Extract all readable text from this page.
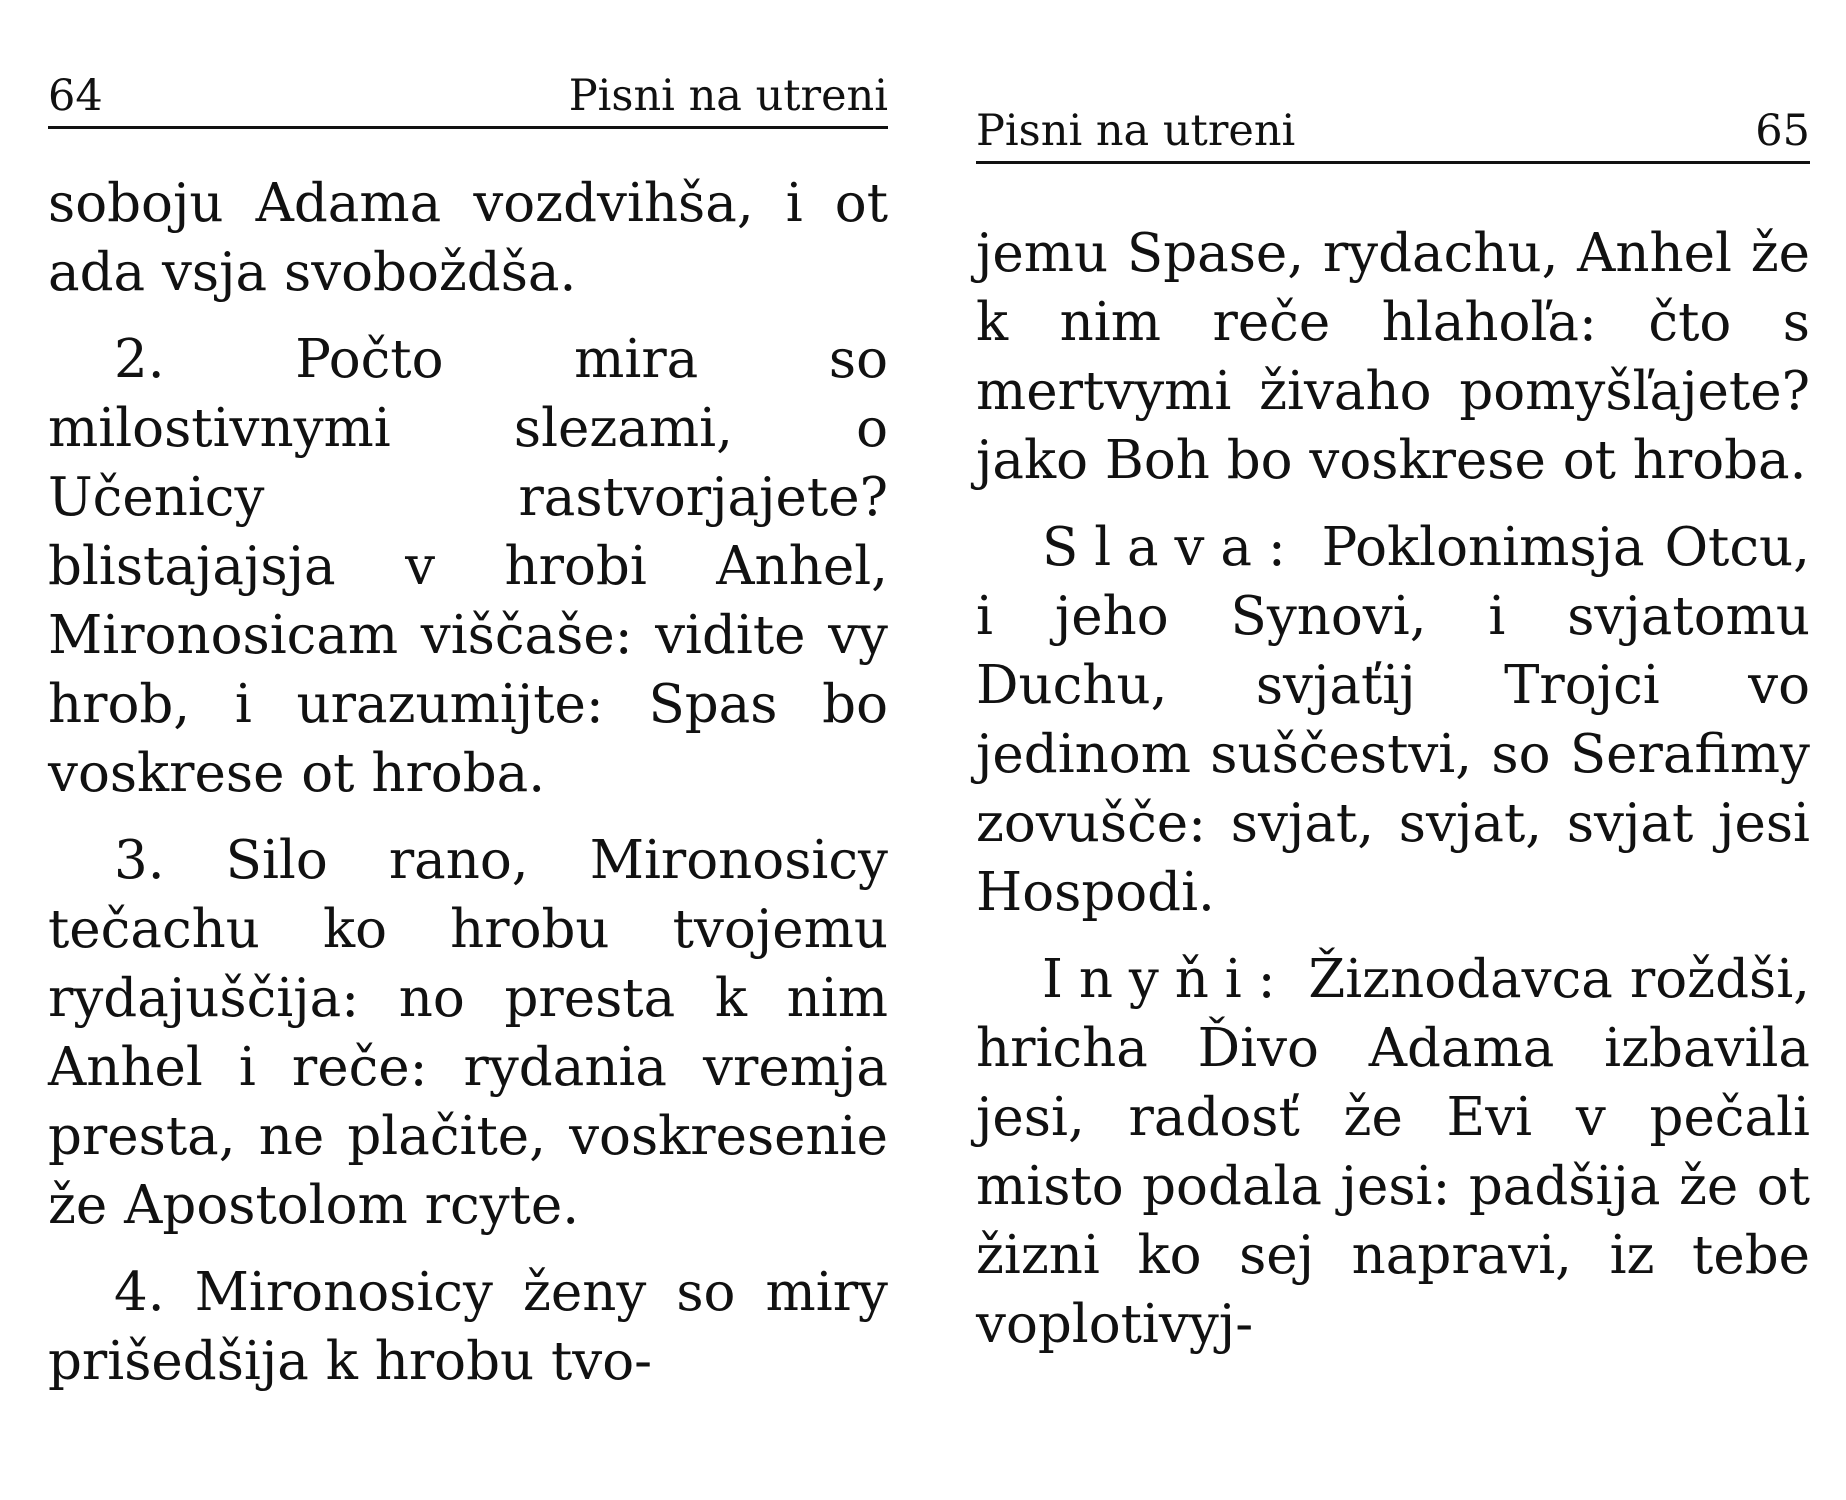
64	Pisni na utreni

soboju Adama vozdvihša, i ot ada vsja svoboždša.

2. Počto mira so milostivnymi slezami, o Učenicy rastvorjajete? blistajajsja v hrobi Anhel, Mironosicam viščaše: vidite vy hrob, i urazumijte: Spas bo voskrese ot hroba.

3. Silo rano, Mironosicy tečachu ko hrobu tvojemu rydajuščija: no presta k nim Anhel i reče: rydania vremja presta, ne plačite, voskresenie že Apostolom rcyte.

4. Mironosicy ženy so miry prišedšija k hrobu tvo-

Pisni na utreni	65

jemu Spase, rydachu, Anhel že k nim reče hlahoľa: čto s mertvymi živaho pomyšľajete? jako Boh bo voskrese ot hroba.

Slava: Poklonimsja Otcu, i jeho Synovi, i svjatomu Duchu, svjaťij Trojci vo jedinom suščestvi, so Serafimy zovušče: svjat, svjat, svjat jesi Hospodi.

Inyňi: Žiznodavca roždši, hricha Ďivo Adama izbavila jesi, radosť že Evi v pečali misto podala jesi: padšija že ot žizni ko sej napravi, iz tebe voplotivyj-
